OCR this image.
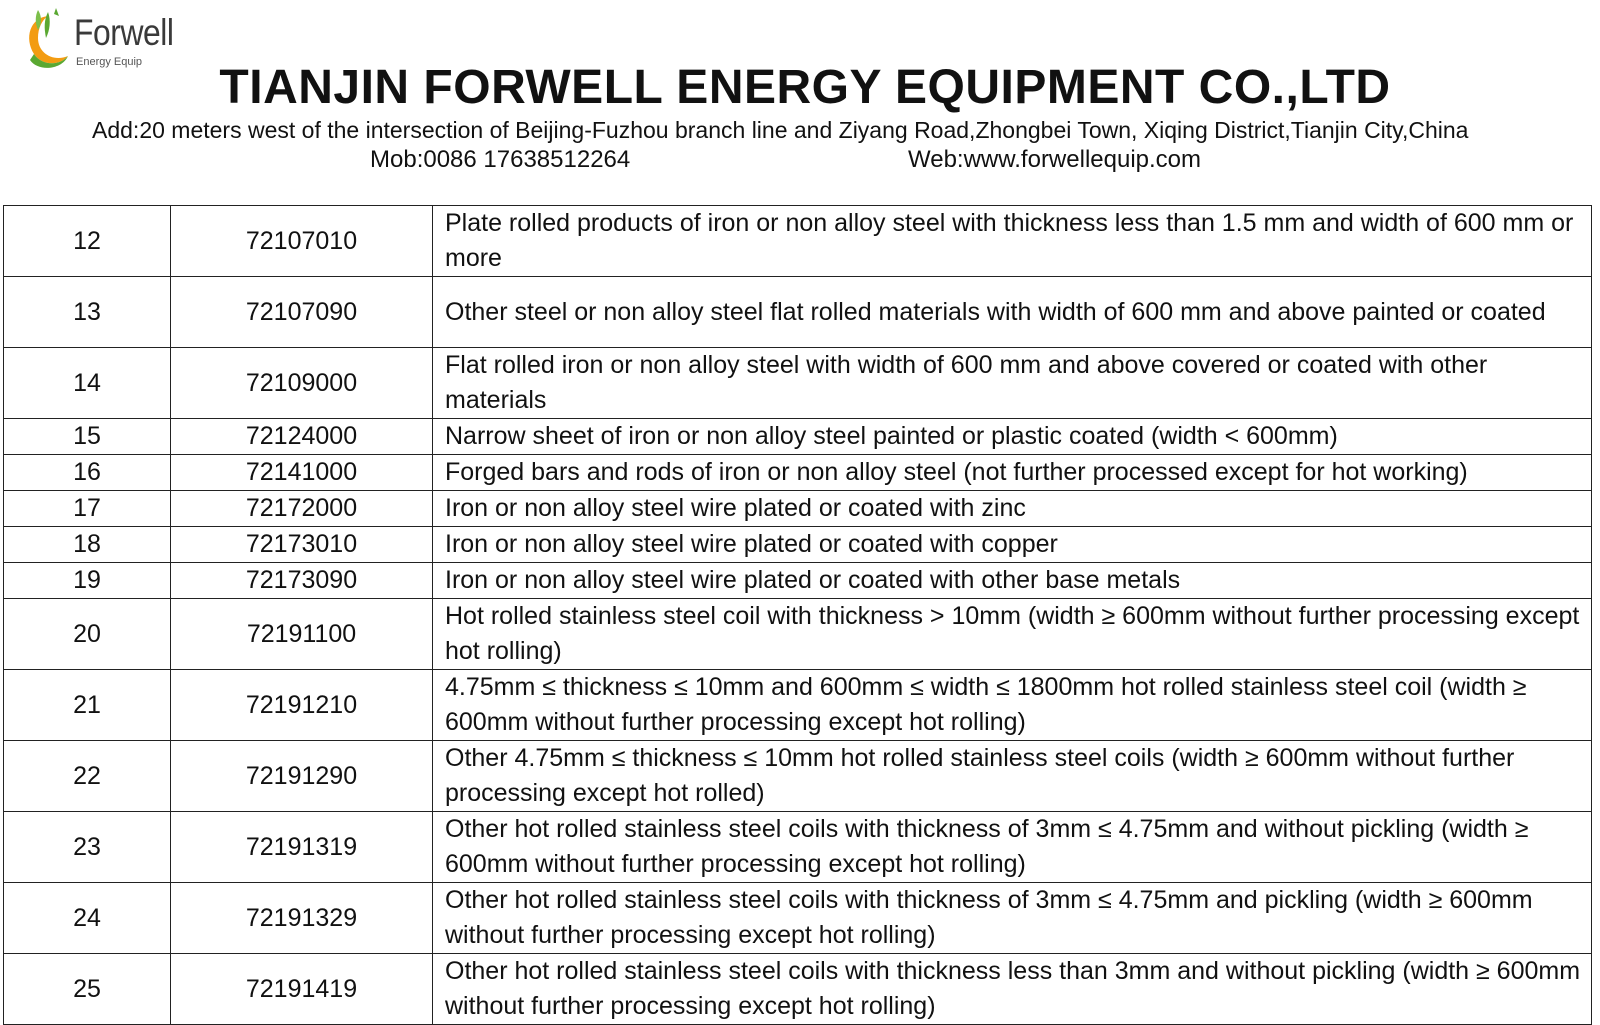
Forwell
Energy Equip	TIANJIN FORWELL ENERGY EQUIPMENT CO.,LTD
Add:20 meters west of the intersection of Beijing-Fuzhou branch line and Ziyang Road,Zhongbei Town, Xiqing District,Tianjin City,China
Mob:0086 17638512264	Web:www.forwellequip.com
12	72107010	Plate rolled products of iron or non alloy steel with thickness less than 1.5 mm and width of 600 mm or more
13	72107090	Other steel or non alloy steel flat rolled materials with width of 600 mm and above painted or coated
14	72109000	Flat rolled iron or non alloy steel with width of 600 mm and above covered or coated with other materials
15	72124000	Narrow sheet of iron or non alloy steel painted or plastic coated (width < 600mm)
16	72141000	Forged bars and rods of iron or non alloy steel (not further processed except for hot working)
17	72172000	Iron or non alloy steel wire plated or coated with zinc
18	72173010	Iron or non alloy steel wire plated or coated with copper
19	72173090	Iron or non alloy steel wire plated or coated with other base metals
20	72191100	Hot rolled stainless steel coil with thickness > 10mm (width ≥ 600mm without further processing except hot rolling)
21	72191210	4.75mm ≤ thickness ≤ 10mm and 600mm ≤ width ≤ 1800mm hot rolled stainless steel coil (width ≥ 600mm without further processing except hot rolling)
22	72191290	Other 4.75mm ≤ thickness ≤ 10mm hot rolled stainless steel coils (width ≥ 600mm without further processing except hot rolled)
23	72191319	Other hot rolled stainless steel coils with thickness of 3mm ≤ 4.75mm and without pickling (width ≥ 600mm without further processing except hot rolling)
24	72191329	Other hot rolled stainless steel coils with thickness of 3mm ≤ 4.75mm and pickling (width ≥ 600mm without further processing except hot rolling)
25	72191419	Other hot rolled stainless steel coils with thickness less than 3mm and without pickling (width ≥ 600mm without further processing except hot rolling)
